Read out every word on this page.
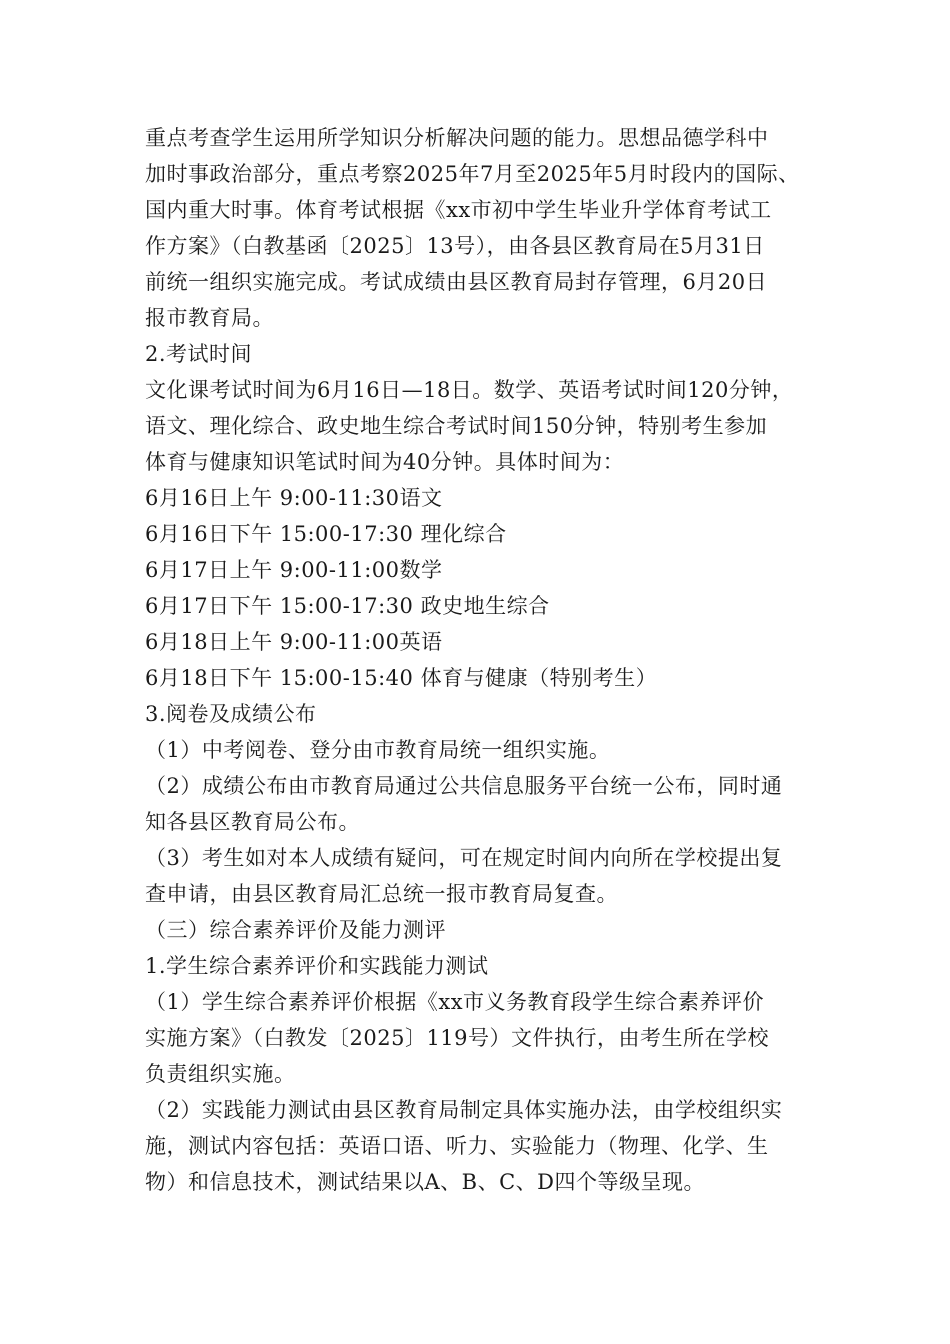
重点考查学生运用所学知识分析解决问题的能力。思想品德学科中
加时事政治部分，重点考察2025年7月至2025年5月时段内的国际、
国内重大时事。体育考试根据《xx市初中学生毕业升学体育考试工
作方案》（白教基函〔2025〕13号），由各县区教育局在5月31日
前统一组织实施完成。考试成绩由县区教育局封存管理，6月20日
报市教育局。
2.考试时间
文化课考试时间为6月16日—18日。数学、英语考试时间120分钟，
语文、理化综合、政史地生综合考试时间150分钟，特别考生参加
体育与健康知识笔试时间为40分钟。具体时间为：
6月16日上午 9:00-11:30语文
6月16日下午 15:00-17:30 理化综合
6月17日上午 9:00-11:00数学
6月17日下午 15:00-17:30 政史地生综合
6月18日上午 9:00-11:00英语
6月18日下午 15:00-15:40 体育与健康（特别考生）
3.阅卷及成绩公布
（1）中考阅卷、登分由市教育局统一组织实施。
（2）成绩公布由市教育局通过公共信息服务平台统一公布，同时通
知各县区教育局公布。
（3）考生如对本人成绩有疑问，可在规定时间内向所在学校提出复
查申请，由县区教育局汇总统一报市教育局复查。
（三）综合素养评价及能力测评
1.学生综合素养评价和实践能力测试
（1）学生综合素养评价根据《xx市义务教育段学生综合素养评价
实施方案》（白教发〔2025〕119号）文件执行，由考生所在学校
负责组织实施。
（2）实践能力测试由县区教育局制定具体实施办法，由学校组织实
施，测试内容包括：英语口语、听力、实验能力（物理、化学、生
物）和信息技术，测试结果以A、B、C、D四个等级呈现。
